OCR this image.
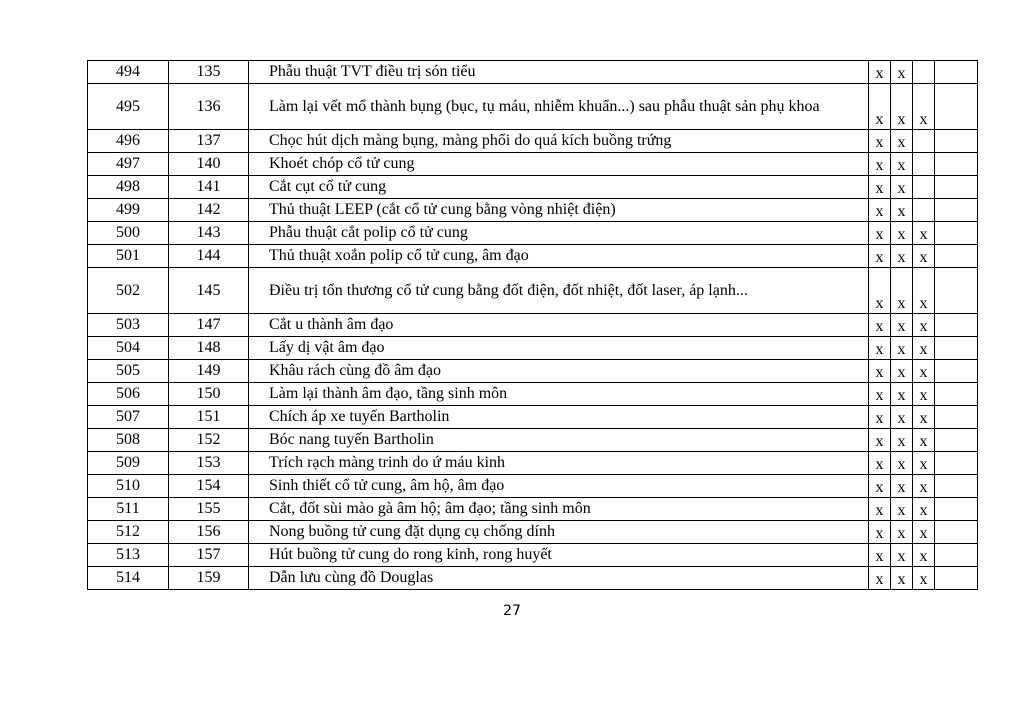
494	135	Phẫu thuật TVT điều trị són tiểu	x	x		
495	136	Làm lại vết mổ thành bụng (bục, tụ máu, nhiễm khuẩn...) sau phẫu thuật sản phụ khoa	x	x	x	
496	137	Chọc hút dịch màng bụng, màng phổi do quá kích buồng trứng	x	x		
497	140	Khoét chóp cổ tử cung	x	x		
498	141	Cắt cụt cổ tử cung	x	x		
499	142	Thủ thuật LEEP (cắt cổ tử cung bằng vòng nhiệt điện)	x	x		
500	143	Phẫu thuật cắt polip cổ tử cung	x	x	x	
501	144	Thủ thuật xoắn polip cổ tử cung, âm đạo	x	x	x	
502	145	Điều trị tổn thương cổ tử cung bằng đốt điện, đốt nhiệt, đốt laser, áp lạnh...	x	x	x	
503	147	Cắt u thành âm đạo	x	x	x	
504	148	Lấy dị vật âm đạo	x	x	x	
505	149	Khâu rách cùng đồ âm đạo	x	x	x	
506	150	Làm lại thành âm đạo, tầng sinh môn	x	x	x	
507	151	Chích áp xe tuyến Bartholin	x	x	x	
508	152	Bóc nang tuyến Bartholin	x	x	x	
509	153	Trích rạch màng trinh do ứ máu kinh	x	x	x	
510	154	Sinh thiết cổ tử cung, âm hộ, âm đạo	x	x	x	
511	155	Cắt, đốt sùi mào gà âm hộ; âm đạo; tầng sinh môn	x	x	x	
512	156	Nong buồng tử cung đặt dụng cụ chống dính	x	x	x	
513	157	Hút buồng tử cung do rong kinh, rong huyết	x	x	x	
514	159	Dẫn lưu cùng đồ Douglas	x	x	x	
27
